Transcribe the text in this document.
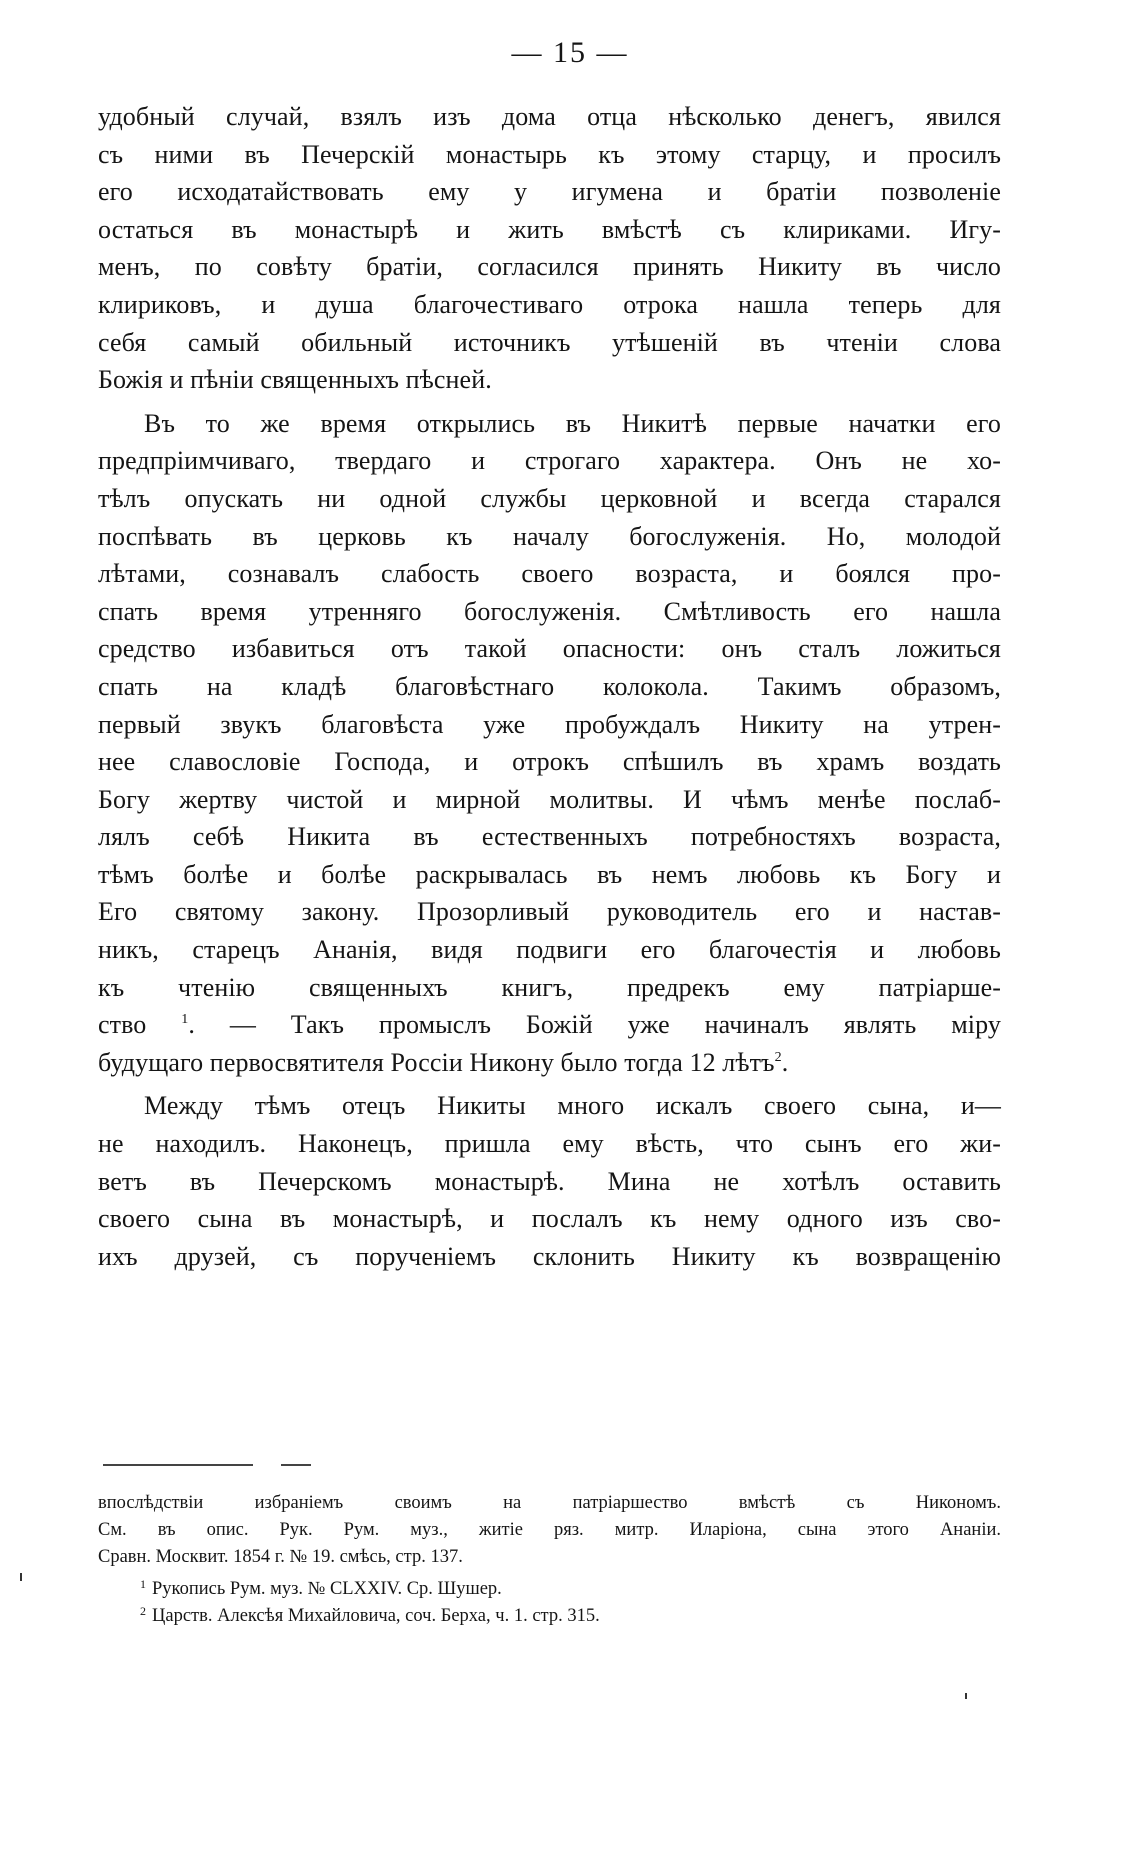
— 15 —
удобный случай, взялъ изъ дома отца нѣсколько денегъ, явился
съ ними въ Печерскій монастырь къ этому старцу, и просилъ
его исходатайствовать ему у игумена и братіи позволеніе
остаться въ монастырѣ и жить вмѣстѣ съ клириками. Игу-
менъ, по совѣту братіи, согласился принять Никиту въ число
клириковъ, и душа благочестиваго отрока нашла теперь для
себя самый обильный источникъ утѣшеній въ чтеніи слова
Божія и пѣніи священныхъ пѣсней.
Въ то же время открылись въ Никитѣ первые начатки его
предпріимчиваго, твердаго и строгаго характера. Онъ не хо-
тѣлъ опускать ни одной службы церковной и всегда старался
поспѣвать въ церковь къ началу богослуженія. Но, молодой
лѣтами, сознавалъ слабость своего возраста, и боялся про-
спать время утренняго богослуженія. Смѣтливость его нашла
средство избавиться отъ такой опасности: онъ сталъ ложиться
спать на кладѣ благовѣстнаго колокола. Такимъ образомъ,
первый звукъ благовѣста уже пробуждалъ Никиту на утрен-
нее славословіе Господа, и отрокъ спѣшилъ въ храмъ воздать
Богу жертву чистой и мирной молитвы. И чѣмъ менѣе послаб-
лялъ себѣ Никита въ естественныхъ потребностяхъ возраста,
тѣмъ болѣе и болѣе раскрывалась въ немъ любовь къ Богу и
Его святому закону. Прозорливый руководитель его и настав-
никъ, старецъ Ананія, видя подвиги его благочестія и любовь
къ чтенію священныхъ книгъ, предрекъ ему патріарше-
ство $^1$. — Такъ промыслъ Божій уже начиналъ являть міру
будущаго первосвятителя Россіи Никону было тогда 12 лѣтъ$^2$.
Между тѣмъ отецъ Никиты много искалъ своего сына, и—
не находилъ. Наконецъ, пришла ему вѣсть, что сынъ его жи-
ветъ въ Печерскомъ монастырѣ. Мина не хотѣлъ оставить
своего сына въ монастырѣ, и послалъ къ нему одного изъ сво-
ихъ друзей, съ порученіемъ склонить Никиту къ возвращенію
впослѣдствіи избраніемъ своимъ на патріаршество вмѣстѣ съ Никономъ.
См. въ опис. Рук. Рум. муз., житіе ряз. митр. Иларіона, сына этого Ананіи.
Сравн. Москвит. 1854 г. № 19. смѣсь, стр. 137.
$^1$ Рукопись Рум. муз. № CLXXIV. Ср. Шушер.
$^2$ Царств. Алексѣя Михайловича, соч. Берха, ч. 1. стр. 315.
